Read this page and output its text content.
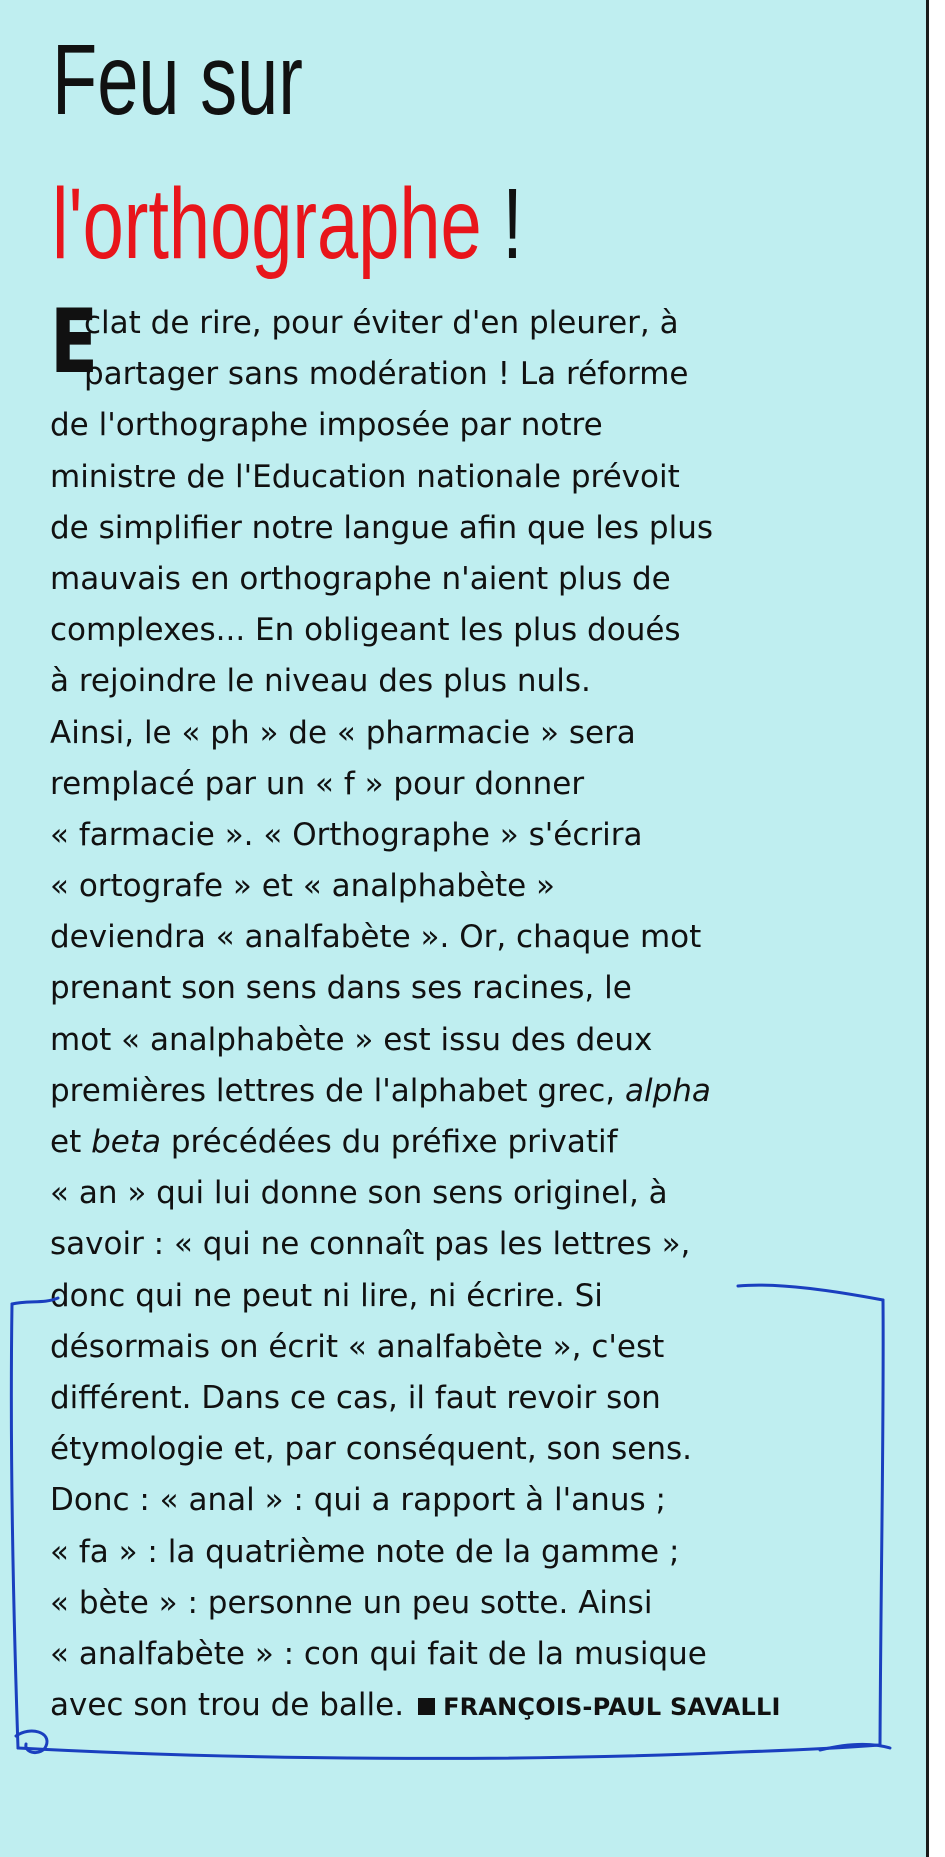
Feu sur
l'orthographe !
E
clat de rire, pour éviter d'en pleurer, à
partager sans modération ! La réforme
de l'orthographe imposée par notre
ministre de l'Education nationale prévoit
de simplifier notre langue afin que les plus
mauvais en orthographe n'aient plus de
complexes... En obligeant les plus doués
à rejoindre le niveau des plus nuls.
Ainsi, le « ph » de « pharmacie » sera
remplacé par un « f » pour donner
« farmacie ». « Orthographe » s'écrira
« ortografe » et « analphabète »
deviendra « analfabète ». Or, chaque mot
prenant son sens dans ses racines, le
mot « analphabète » est issu des deux
premières lettres de l'alphabet grec, alpha
et beta précédées du préfixe privatif
« an » qui lui donne son sens originel, à
savoir : « qui ne connaît pas les lettres »,
donc qui ne peut ni lire, ni écrire. Si
désormais on écrit « analfabète », c'est
différent. Dans ce cas, il faut revoir son
étymologie et, par conséquent, son sens.
Donc : « anal » : qui a rapport à l'anus ;
« fa » : la quatrième note de la gamme ;
« bète » : personne un peu sotte. Ainsi
« analfabète » : con qui fait de la musique
avec son trou de balle. FRANÇOIS-PAUL SAVALLI
